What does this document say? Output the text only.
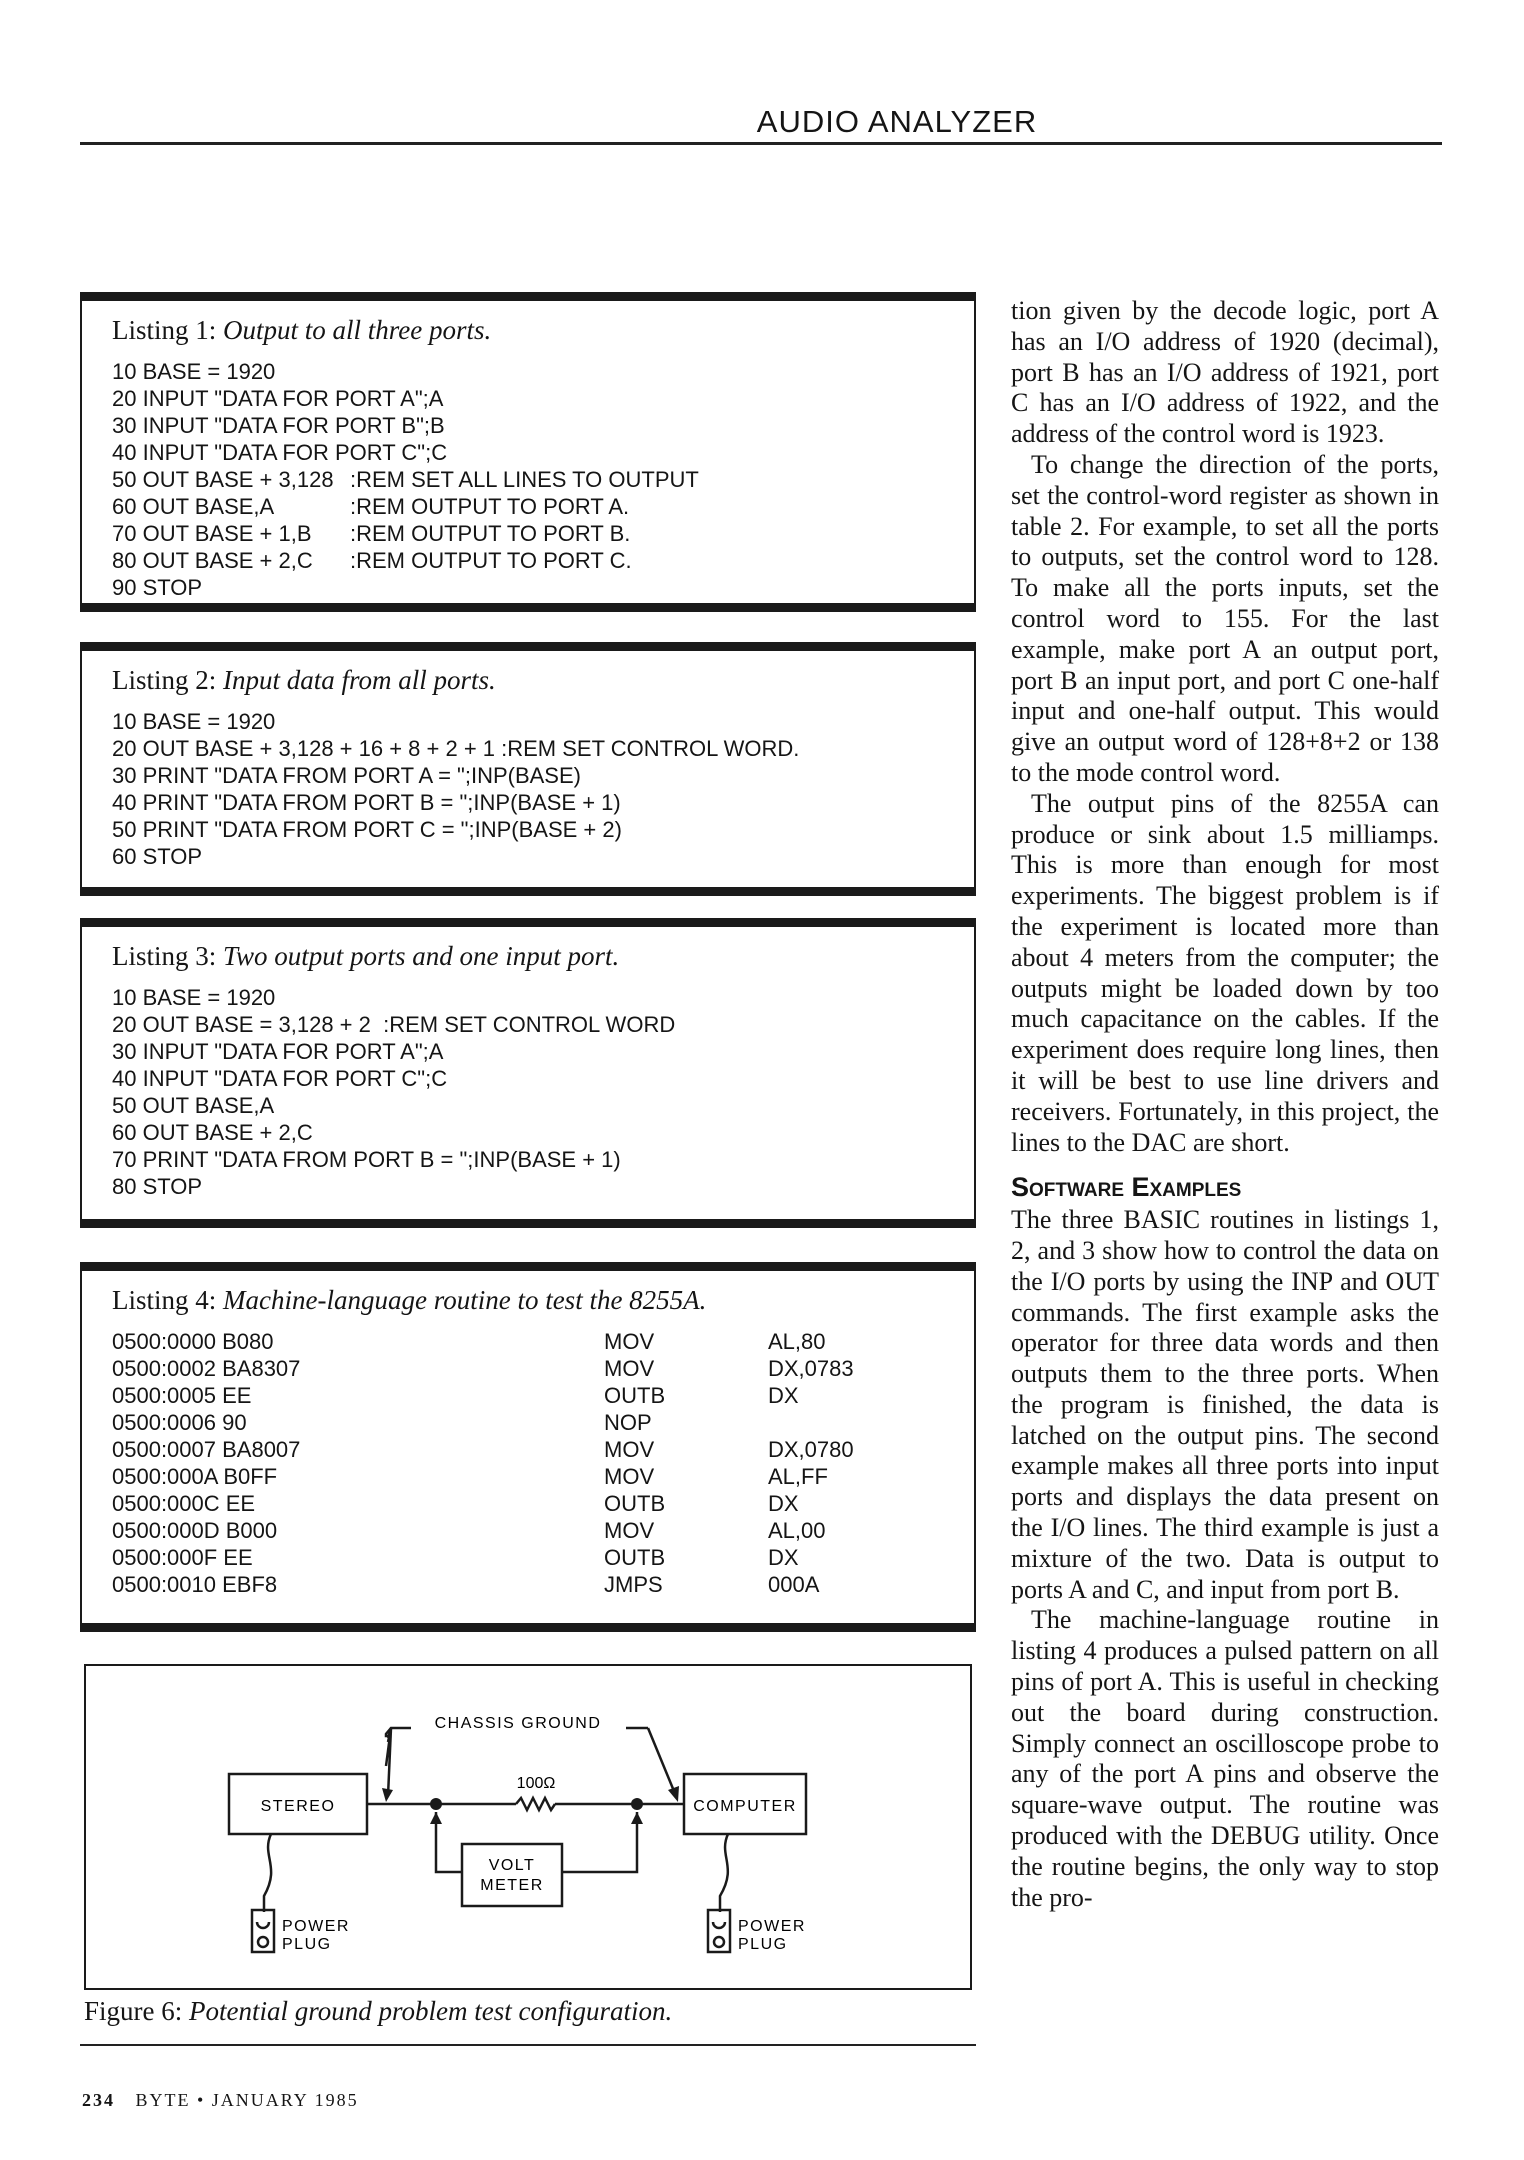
AUDIO ANALYZER
Listing 1: Output to all three ports.
10 BASE = 1920
20 INPUT "DATA FOR PORT A";A
30 INPUT "DATA FOR PORT B";B
40 INPUT "DATA FOR PORT C";C
50 OUT BASE + 3,128 :REM SET ALL LINES TO OUTPUT
60 OUT BASE,A	:REM OUTPUT TO PORT A.
70 OUT BASE + 1,B :REM OUTPUT TO PORT B.
80 OUT BASE + 2,C :REM OUTPUT TO PORT C.
90 STOP
Listing 2: Input data from all ports.
10 BASE = 1920
20 OUT BASE + 3,128 + 16 + 8 + 2 + 1 :REM SET CONTROL WORD.
30 PRINT "DATA FROM PORT A = ";INP(BASE)
40 PRINT "DATA FROM PORT B = ";INP(BASE + 1)
50 PRINT "DATA FROM PORT C = ";INP(BASE + 2)
60 STOP
Listing 3: Two output ports and one input port.
10 BASE = 1920
20 OUT BASE = 3,128 + 2  :REM SET CONTROL WORD
30 INPUT "DATA FOR PORT A";A
40 INPUT "DATA FOR PORT C";C
50 OUT BASE,A
60 OUT BASE + 2,C
70 PRINT "DATA FROM PORT B = ";INP(BASE + 1)
80 STOP
Listing 4: Machine-language routine to test the 8255A.
0500:0000 B080	MOV	AL,80
0500:0002 BA8307	MOV	DX,0783
0500:0005 EE	OUTB	DX
0500:0006 90	NOP
0500:0007 BA8007	MOV	DX,0780
0500:000A B0FF	MOV	AL,FF
0500:000C EE	OUTB	DX
0500:000D B000	MOV	AL,00
0500:000F EE	OUTB	DX
0500:0010 EBF8	JMPS	000A
CHASSIS GROUND
STEREO	COMPUTER
100Ω
VOLT
METER
POWER
PLUG
POWER
PLUG
Figure 6: Potential ground problem test configuration.

tion given by the decode logic, port A has an I/O address of 1920 (decimal), port B has an I/O address of 1921, port C has an I/O address of 1922, and the address of the control word is 1923.

To change the direction of the ports, set the control-word register as shown in table 2. For example, to set all the ports to outputs, set the control word to 128. To make all the ports inputs, set the control word to 155. For the last example, make port A an output port, port B an input port, and port C one-half input and one-half output. This would give an output word of 128+8+2 or 138 to the mode control word.

The output pins of the 8255A can produce or sink about 1.5 milliamps. This is more than enough for most experiments. The biggest problem is if the experiment is located more than about 4 meters from the computer; the outputs might be loaded down by too much capacitance on the cables. If the experiment does require long lines, then it will be best to use line drivers and receivers. Fortunately, in this project, the lines to the DAC are short.

Software Examples

The three BASIC routines in listings 1, 2, and 3 show how to control the data on the I/O ports by using the INP and OUT commands. The first example asks the operator for three data words and then outputs them to the three ports. When the program is finished, the data is latched on the output pins. The second example makes all three ports into input ports and displays the data present on the I/O lines. The third example is just a mixture of the two. Data is output to ports A and C, and input from port B.

The machine-language routine in listing 4 produces a pulsed pattern on all pins of port A. This is useful in checking out the board during construction. Simply connect an oscilloscope probe to any of the port A pins and observe the square-wave output. The routine was produced with the DEBUG utility. Once the routine begins, the only way to stop the pro-

234 BYTE • JANUARY 1985
